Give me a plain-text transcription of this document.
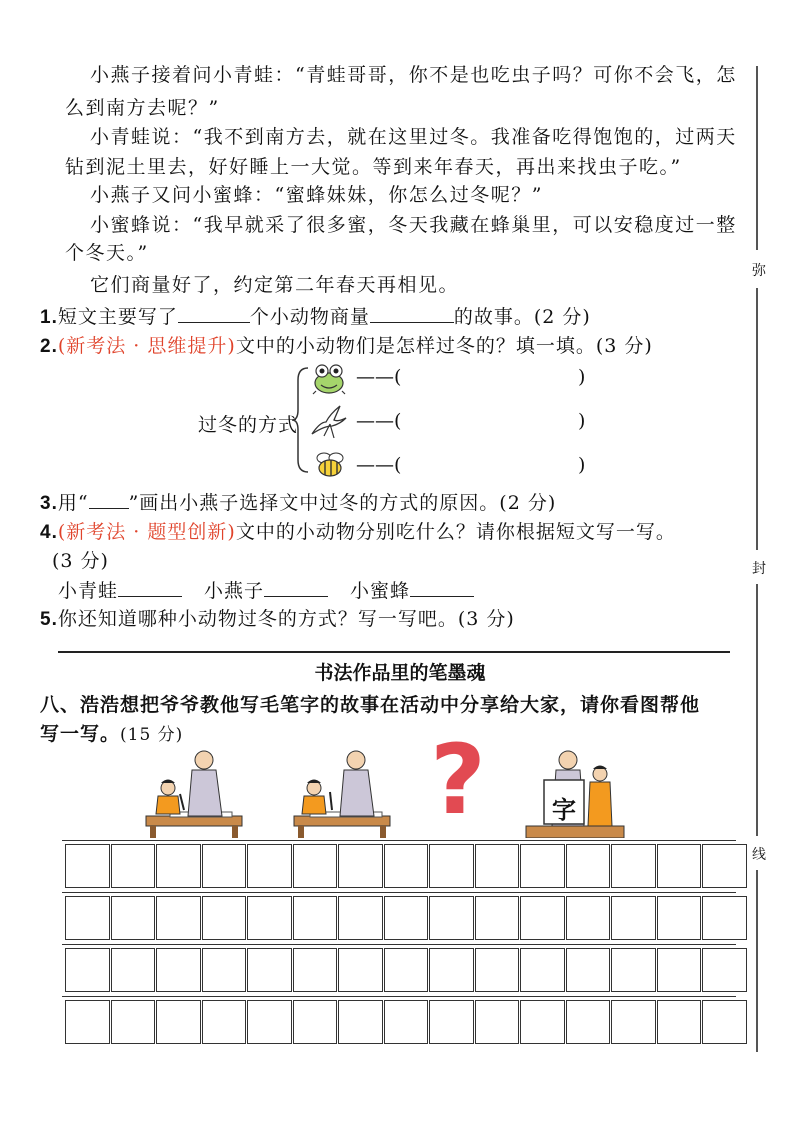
小燕子接着问小青蛙：“青蛙哥哥，你不是也吃虫子吗？可你不会飞，怎
么到南方去呢？”
小青蛙说：“我不到南方去，就在这里过冬。我准备吃得饱饱的，过两天
钻到泥土里去，好好睡上一大觉。等到来年春天，再出来找虫子吃。”
小燕子又问小蜜蜂：“蜜蜂妹妹，你怎么过冬呢？”
小蜜蜂说：“我早就采了很多蜜，冬天我藏在蜂巢里，可以安稳度过一整
个冬天。”
它们商量好了，约定第二年春天再相见。
1.短文主要写了	个小动物商量	的故事。(2 分)
2.(新考法 · 思维提升)文中的小动物们是怎样过冬的？填一填。(3 分)
过冬的方式
——(	)
——(	)
——(	)
3.用“ ”画出小燕子选择文中过冬的方式的原因。(2 分)
4.(新考法 · 题型创新)文中的小动物分别吃什么？请你根据短文写一写。
(3 分)
小青蛙	小燕子	小蜜蜂
5.你还知道哪种小动物过冬的方式？写一写吧。(3 分)
书法作品里的笔墨魂
八、浩浩想把爷爷教他写毛笔字的故事在活动中分享给大家，请你看图帮他
写一写。(15 分)	?	字
弥
封
线
